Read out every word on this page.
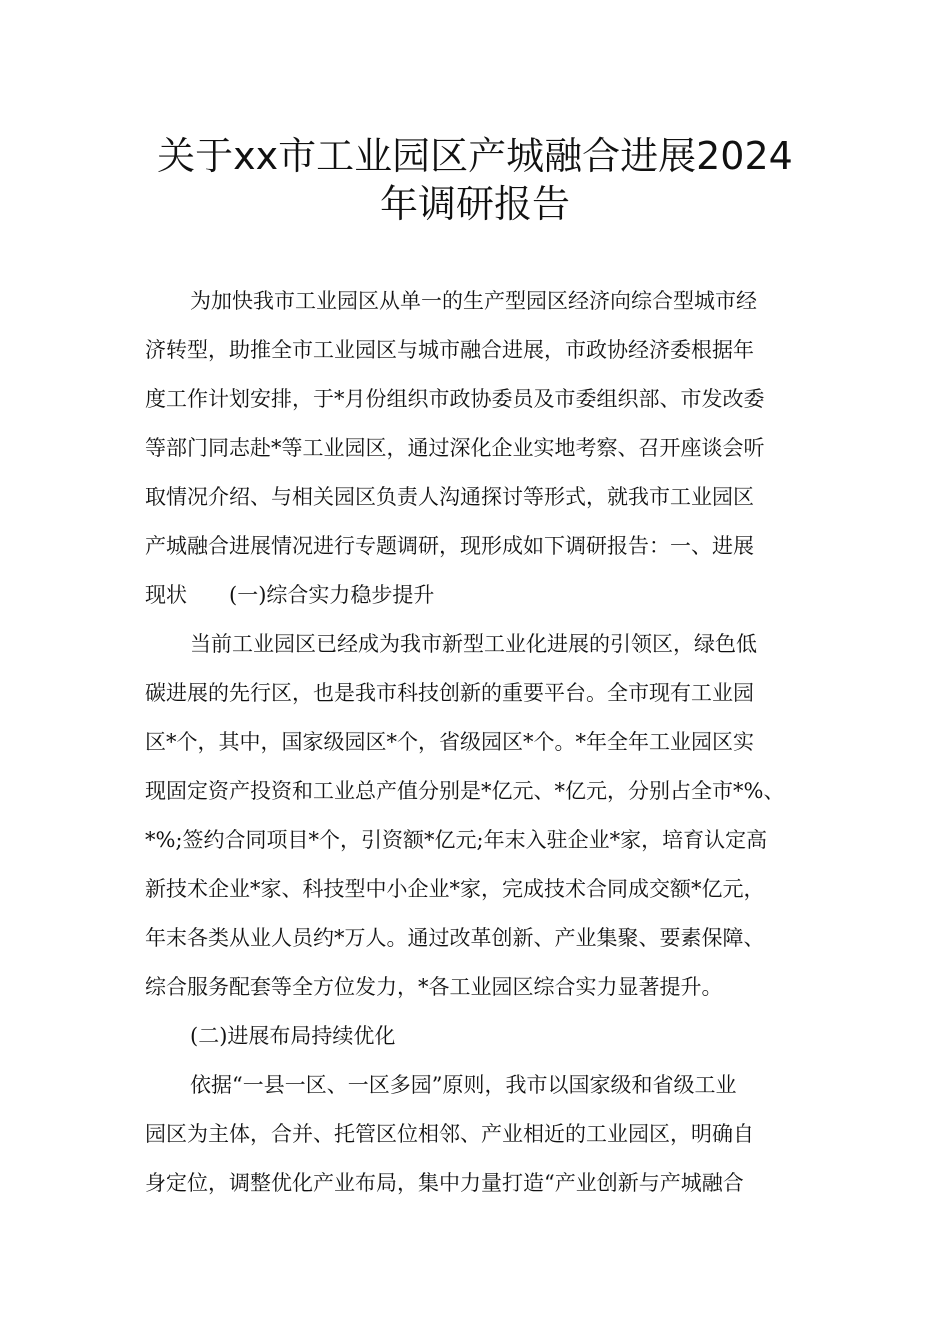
关于xx市工业园区产城融合进展2024
年调研报告

为加快我市工业园区从单一的生产型园区经济向综合型城市经

济转型，助推全市工业园区与城市融合进展，市政协经济委根据年

度工作计划安排，于*月份组织市政协委员及市委组织部、市发改委

等部门同志赴*等工业园区，通过深化企业实地考察、召开座谈会听

取情况介绍、与相关园区负责人沟通探讨等形式，就我市工业园区

产城融合进展情况进行专题调研，现形成如下调研报告：一、进展

现状　　(一)综合实力稳步提升

当前工业园区已经成为我市新型工业化进展的引领区，绿色低

碳进展的先行区，也是我市科技创新的重要平台。全市现有工业园

区*个，其中，国家级园区*个，省级园区*个。*年全年工业园区实

现固定资产投资和工业总产值分别是*亿元、*亿元，分别占全市*%、

*%;签约合同项目*个，引资额*亿元;年末入驻企业*家，培育认定高

新技术企业*家、科技型中小企业*家，完成技术合同成交额*亿元，

年末各类从业人员约*万人。通过改革创新、产业集聚、要素保障、

综合服务配套等全方位发力，*各工业园区综合实力显著提升。

(二)进展布局持续优化

依据“一县一区、一区多园”原则，我市以国家级和省级工业

园区为主体，合并、托管区位相邻、产业相近的工业园区，明确自

身定位，调整优化产业布局，集中力量打造“产业创新与产城融合
